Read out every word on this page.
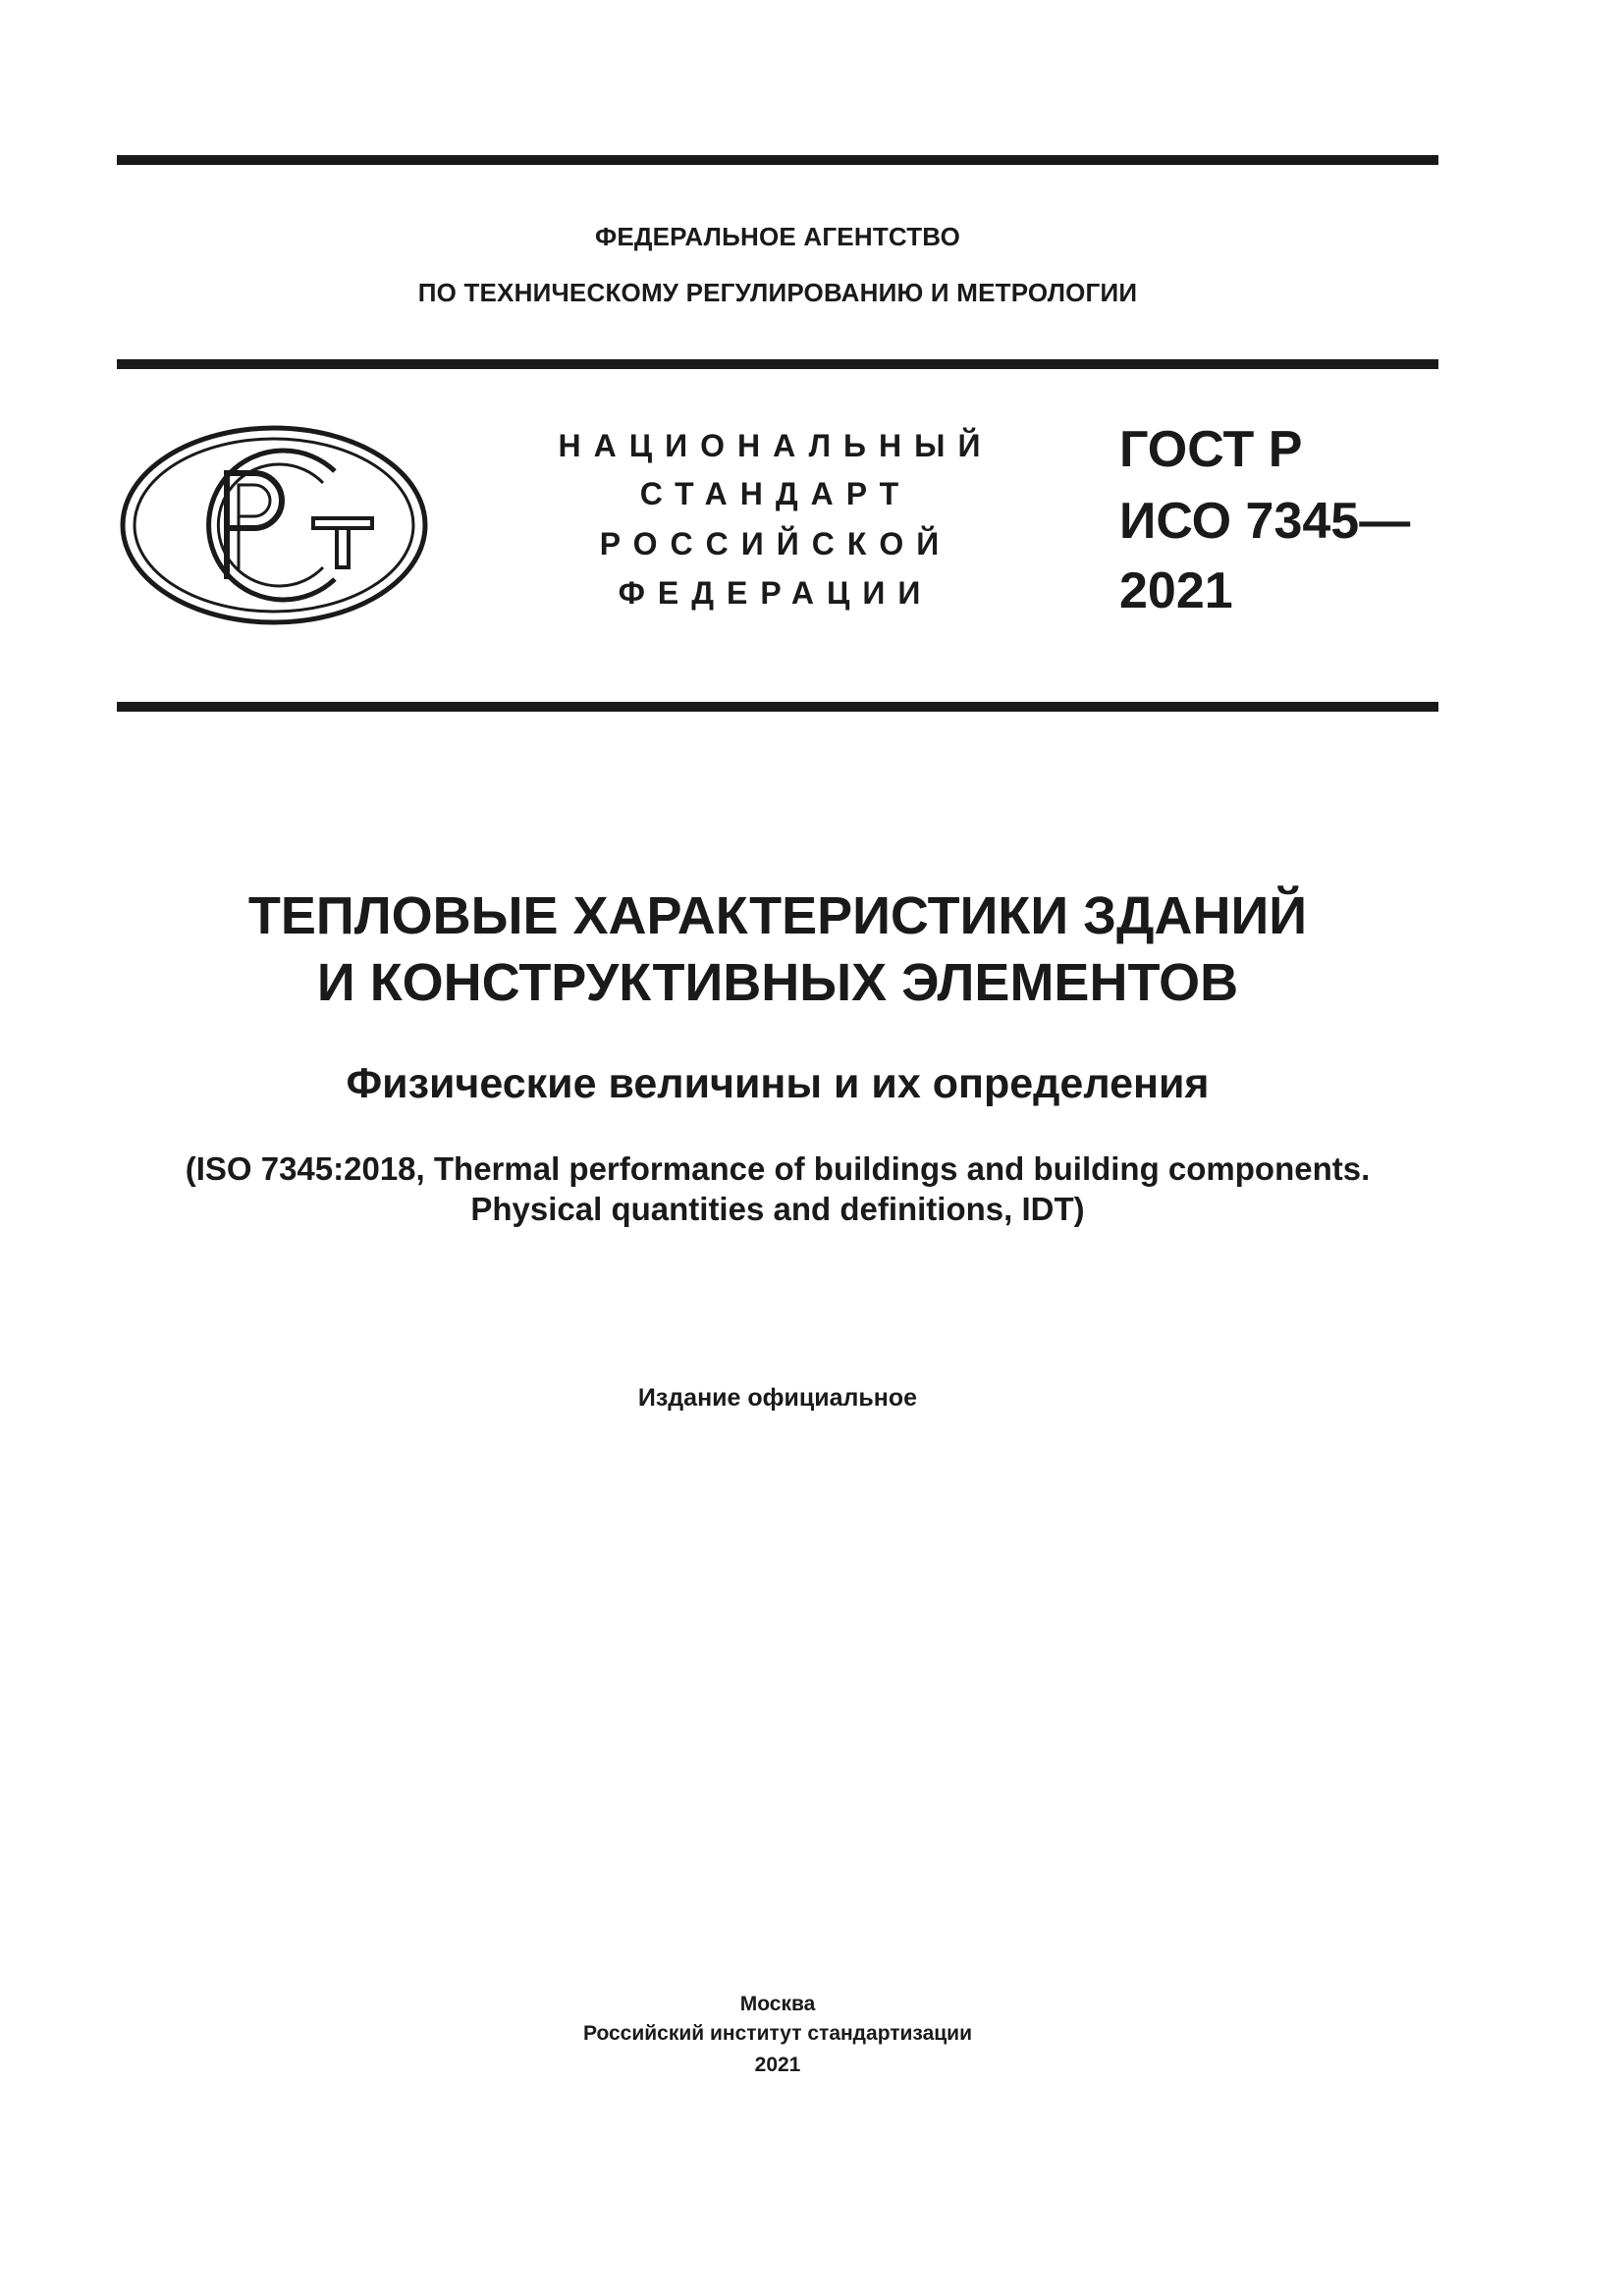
ФЕДЕРАЛЬНОЕ АГЕНТСТВО
ПО ТЕХНИЧЕСКОМУ РЕГУЛИРОВАНИЮ И МЕТРОЛОГИИ
НАЦИОНАЛЬНЫЙ
СТАНДАРТ
РОССИЙСКОЙ
ФЕДЕРАЦИИ
ГОСТ Р
ИСО 7345—
2021
ТЕПЛОВЫЕ ХАРАКТЕРИСТИКИ ЗДАНИЙ
И КОНСТРУКТИВНЫХ ЭЛЕМЕНТОВ
Физические величины и их определения
(ISO 7345:2018, Thermal performance of buildings and building components.
Physical quantities and definitions, IDT)
Издание официальное
Москва
Российский институт стандартизации
2021
